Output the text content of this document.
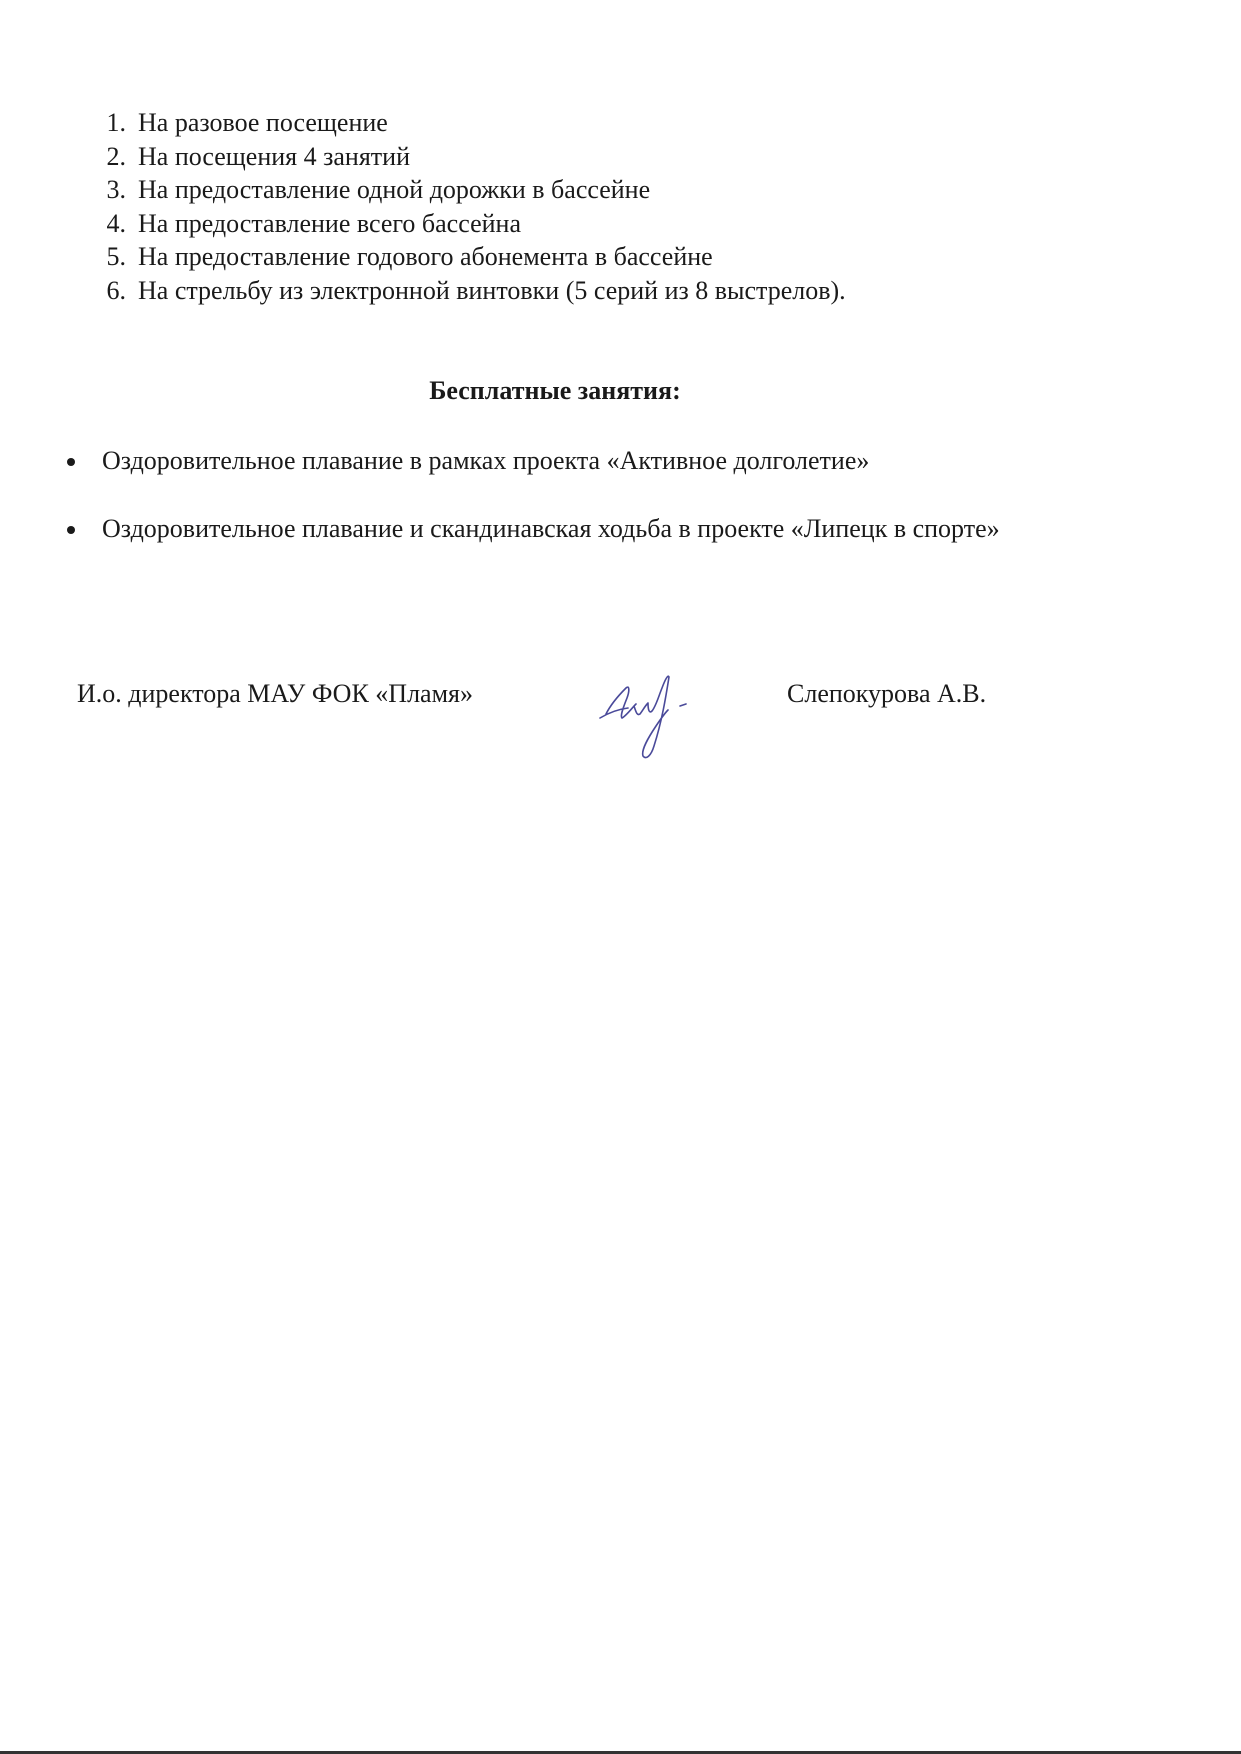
1. На разовое посещение
2. На посещения 4 занятий
3. На предоставление одной дорожки в бассейне
4. На предоставление всего бассейна
5. На предоставление годового абонемента в бассейне
6. На стрельбу из электронной винтовки (5 серий из 8 выстрелов).
Бесплатные занятия:
Оздоровительное плавание в рамках проекта «Активное долголетие»
Оздоровительное плавание и скандинавская ходьба в проекте «Липецк в спорте»
И.о. директора МАУ ФОК «Пламя»	Слепокурова А.В.
